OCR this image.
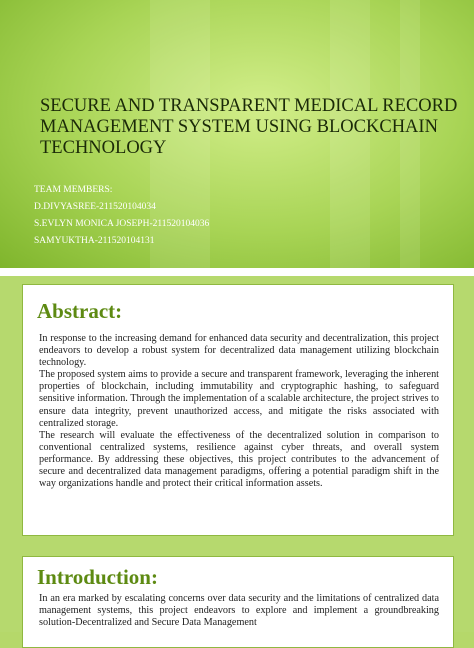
SECURE AND TRANSPARENT MEDICAL RECORD MANAGEMENT SYSTEM USING BLOCKCHAIN TECHNOLOGY
TEAM MEMBERS:
D.DIVYASREE-211520104034
S.EVLYN MONICA JOSEPH-211520104036
SAMYUKTHA-211520104131
Abstract:

In response to the increasing demand for enhanced data security and decentralization, this project endeavors to develop a robust system for decentralized data management utilizing blockchain technology.

The proposed system aims to provide a secure and transparent framework, leveraging the inherent properties of blockchain, including immutability and cryptographic hashing, to safeguard sensitive information. Through the implementation of a scalable architecture, the project strives to ensure data integrity, prevent unauthorized access, and mitigate the risks associated with centralized storage.

The research will evaluate the effectiveness of the decentralized solution in comparison to conventional centralized systems, resilience against cyber threats, and overall system performance. By addressing these objectives, this project contributes to the advancement of secure and decentralized data management paradigms, offering a potential paradigm shift in the way organizations handle and protect their critical information assets.

Introduction:

In an era marked by escalating concerns over data security and the limitations of centralized data management systems, this project endeavors to explore and implement a groundbreaking solution-Decentralized and Secure Data Management
